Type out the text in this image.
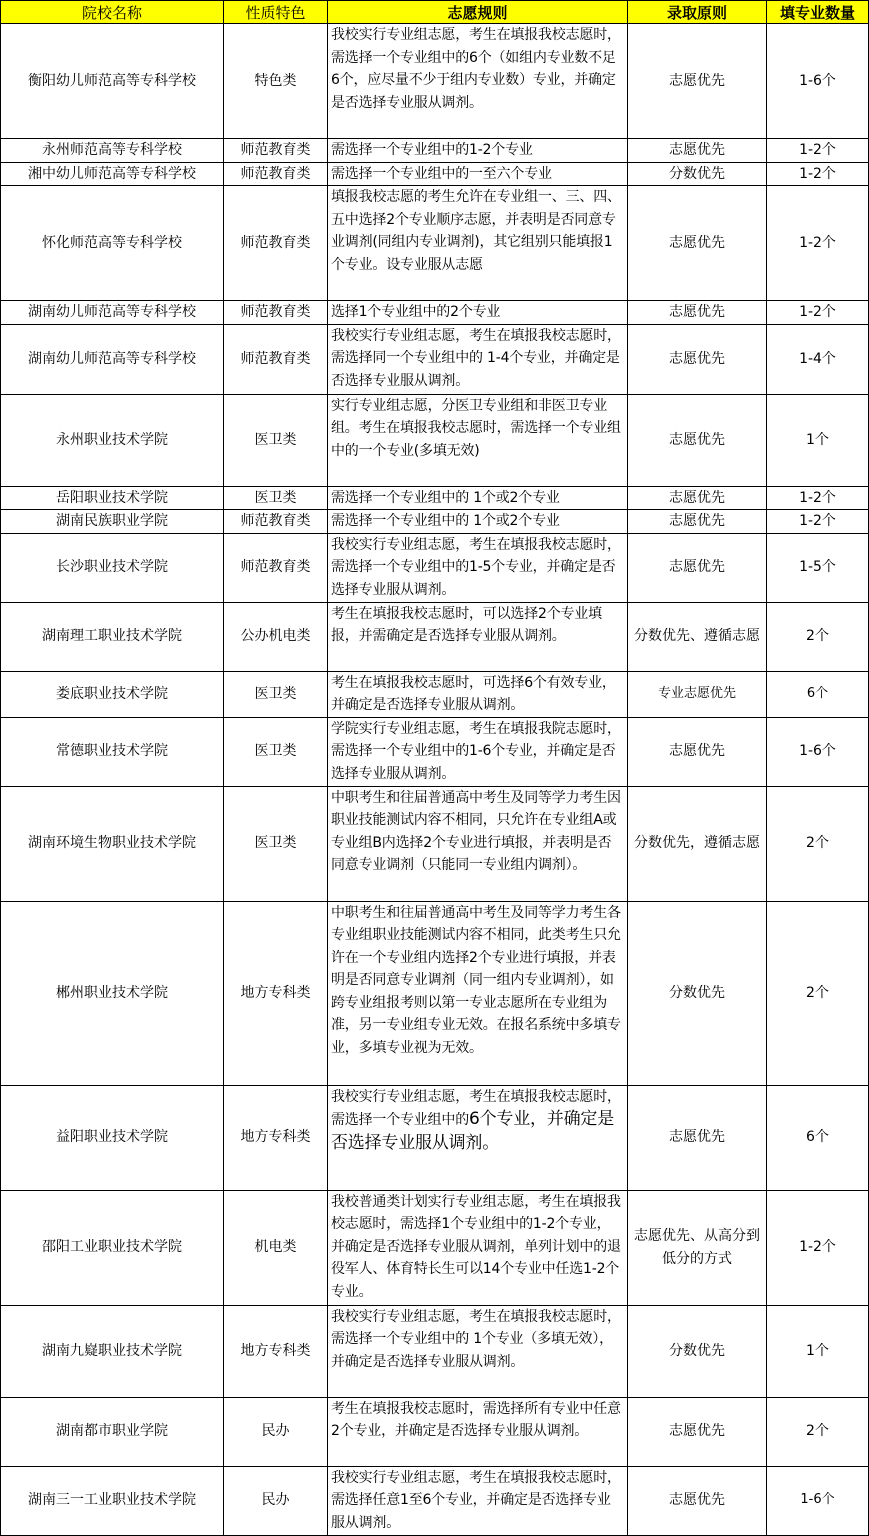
院校名称	性质特色	志愿规则	录取原则	填专业数量
衡阳幼儿师范高等专科学校	特色类	我校实行专业组志愿，考生在填报我校志愿时，需选择一个专业组中的6个（如组内专业数不足6个，应尽量不少于组内专业数）专业，并确定是否选择专业服从调剂。	志愿优先	1-6个
永州师范高等专科学校	师范教育类	需选择一个专业组中的1-2个专业	志愿优先	1-2个
湘中幼儿师范高等专科学校	师范教育类	需选择一个专业组中的一至六个专业	分数优先	1-2个
怀化师范高等专科学校	师范教育类	填报我校志愿的考生允许在专业组一、三、四、五中选择2个专业顺序志愿，并表明是否同意专业调剂(同组内专业调剂)，其它组别只能填报1个专业。设专业服从志愿	志愿优先	1-2个
湖南幼儿师范高等专科学校	师范教育类	选择1个专业组中的2个专业	志愿优先	1-2个
湖南幼儿师范高等专科学校	师范教育类	我校实行专业组志愿，考生在填报我校志愿时，需选择同一个专业组中的 1-4个专业，并确定是否选择专业服从调剂。	志愿优先	1-4个
永州职业技术学院	医卫类	实行专业组志愿，分医卫专业组和非医卫专业组。考生在填报我校志愿时，需选择一个专业组中的一个专业(多填无效)	志愿优先	1个
岳阳职业技术学院	医卫类	需选择一个专业组中的 1个或2个专业	志愿优先	1-2个
湖南民族职业学院	师范教育类	需选择一个专业组中的 1个或2个专业	志愿优先	1-2个
长沙职业技术学院	师范教育类	我校实行专业组志愿，考生在填报我校志愿时，需选择一个专业组中的1-5个专业，并确定是否选择专业服从调剂。	志愿优先	1-5个
湖南理工职业技术学院	公办机电类	考生在填报我校志愿时，可以选择2个专业填报，并需确定是否选择专业服从调剂。	分数优先、遵循志愿	2个
娄底职业技术学院	医卫类	考生在填报我校志愿时，可选择6个有效专业，并确定是否选择专业服从调剂。	专业志愿优先	6个
常德职业技术学院	医卫类	学院实行专业组志愿，考生在填报我院志愿时，需选择一个专业组中的1-6个专业，并确定是否选择专业服从调剂。	志愿优先	1-6个
湖南环境生物职业技术学院	医卫类	中职考生和往届普通高中考生及同等学力考生因职业技能测试内容不相同，只允许在专业组A或专业组B内选择2个专业进行填报，并表明是否同意专业调剂（只能同一专业组内调剂）。	分数优先，遵循志愿	2个
郴州职业技术学院	地方专科类	中职考生和往届普通高中考生及同等学力考生各专业组职业技能测试内容不相同，此类考生只允许在一个专业组内选择2个专业进行填报，并表明是否同意专业调剂（同一组内专业调剂），如跨专业组报考则以第一专业志愿所在专业组为准，另一专业组专业无效。在报名系统中多填专业，多填专业视为无效。	分数优先	2个
益阳职业技术学院	地方专科类	我校实行专业组志愿，考生在填报我校志愿时，需选择一个专业组中的6个专业，并确定是否选择专业服从调剂。	志愿优先	6个
邵阳工业职业技术学院	机电类	我校普通类计划实行专业组志愿，考生在填报我校志愿时，需选择1个专业组中的1-2个专业，并确定是否选择专业服从调剂，单列计划中的退役军人、体育特长生可以14个专业中任选1-2个专业。	志愿优先、从高分到低分的方式	1-2个
湖南九嶷职业技术学院	地方专科类	我校实行专业组志愿，考生在填报我校志愿时，需选择一个专业组中的 1个专业（多填无效），并确定是否选择专业服从调剂。	分数优先	1个
湖南都市职业学院	民办	考生在填报我校志愿时，需选择所有专业中任意2个专业，并确定是否选择专业服从调剂。	志愿优先	2个
湖南三一工业职业技术学院	民办	我校实行专业组志愿，考生在填报我校志愿时，需选择任意1至6个专业，并确定是否选择专业服从调剂。	志愿优先	1-6个
